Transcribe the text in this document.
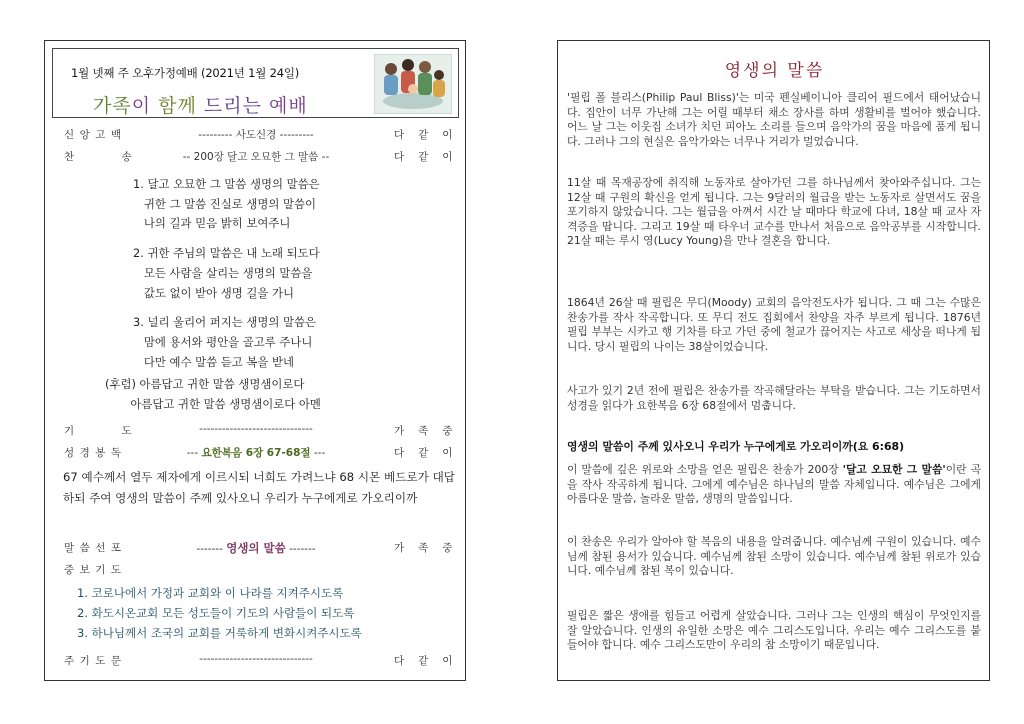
1월 넷째 주 오후가정예배 (2021년 1월 24일)
가족이 함께 드리는 예배
신앙고백	--------- 사도신경 ---------	다같이
찬 송	-- 200장 달고 오묘한 그 말씀 --	다같이
1. 달고 오묘한 그 말씀 생명의 말씀은
귀한 그 말씀 진실로 생명의 말씀이
나의 길과 믿음 밝히 보여주니
2. 귀한 주님의 말씀은 내 노래 되도다
모든 사람을 살리는 생명의 말씀을
값도 없이 받아 생명 길을 가니
3. 널리 울리어 퍼지는 생명의 말씀은
맘에 용서와 평안을 골고루 주나니
다만 예수 말씀 듣고 복을 받네
(후렴) 아름답고 귀한 말씀 생명샘이로다
아름답고 귀한 말씀 생명샘이로다 아멘
기 도	------------------------------	가족중
성경봉독	--- 요한복음 6장 67-68절 ---	다같이
67 예수께서 열두 제자에게 이르시되 너희도 가려느냐 68 시몬 베드로가 대답하되 주여 영생의 말씀이 주께 있사오니 우리가 누구에게로 가오리이까
말씀선포	------- 영생의 말씀 -------	가족중
중보기도
1. 코로나에서 가정과 교회와 이 나라를 지켜주시도록
2. 화도시온교회 모든 성도들이 기도의 사람들이 되도록
3. 하나님께서 조국의 교회를 거룩하게 변화시켜주시도록
주기도문	------------------------------	다같이
영생의 말씀
'필립 폴 블리스(Philip Paul Bliss)'는 미국 펜실베이니아 클리어 필드에서 태어났습니다. 집안이 너무 가난해 그는 어릴 때부터 채소 장사를 하며 생활비를 벌어야 했습니다. 어느 날 그는 이웃집 소녀가 치던 피아노 소리를 들으며 음악가의 꿈을 마음에 품게 됩니다. 그러나 그의 현실은 음악가와는 너무나 거리가 멀었습니다.
11살 때 목재공장에 취직해 노동자로 살아가던 그를 하나님께서 찾아와주십니다. 그는 12살 때 구원의 확신을 얻게 됩니다. 그는 9달러의 월급을 받는 노동자로 살면서도 꿈을 포기하지 않았습니다. 그는 월급을 아껴서 시간 날 때마다 학교에 다녀, 18살 때 교사 자격증을 땁니다. 그리고 19살 때 타우너 교수를 만나서 처음으로 음악공부를 시작합니다. 21살 때는 루시 영(Lucy Young)을 만나 결혼을 합니다.
1864년 26살 때 필립은 무디(Moody) 교회의 음악전도사가 됩니다. 그 때 그는 수많은 찬송가를 작사 작곡합니다. 또 무디 전도 집회에서 찬양을 자주 부르게 됩니다. 1876년 필립 부부는 시카고 행 기차를 타고 가던 중에 철교가 끊어지는 사고로 세상을 떠나게 됩니다. 당시 필립의 나이는 38살이었습니다.
사고가 있기 2년 전에 필립은 찬송가를 작곡해달라는 부탁을 받습니다. 그는 기도하면서 성경을 읽다가 요한복음 6장 68절에서 멈춥니다.
영생의 말씀이 주께 있사오니 우리가 누구에게로 가오리이까(요 6:68)
이 말씀에 깊은 위로와 소망을 얻은 필립은 찬송가 200장 '달고 오묘한 그 말씀'이란 곡을 작사 작곡하게 됩니다. 그에게 예수님은 하나님의 말씀 자체입니다. 예수님은 그에게 아름다운 말씀, 놀라운 말씀, 생명의 말씀입니다.
이 찬송은 우리가 알아야 할 복음의 내용을 알려줍니다. 예수님께 구원이 있습니다. 예수님께 참된 용서가 있습니다. 예수님께 참된 소망이 있습니다. 예수님께 참된 위로가 있습니다. 예수님께 참된 복이 있습니다.
필립은 짧은 생애를 힘들고 어렵게 살았습니다. 그러나 그는 인생의 핵심이 무엇인지를 잘 알았습니다. 인생의 유일한 소망은 예수 그리스도입니다. 우리는 예수 그리스도를 붙들어야 합니다. 예수 그리스도만이 우리의 참 소망이기 때문입니다.
